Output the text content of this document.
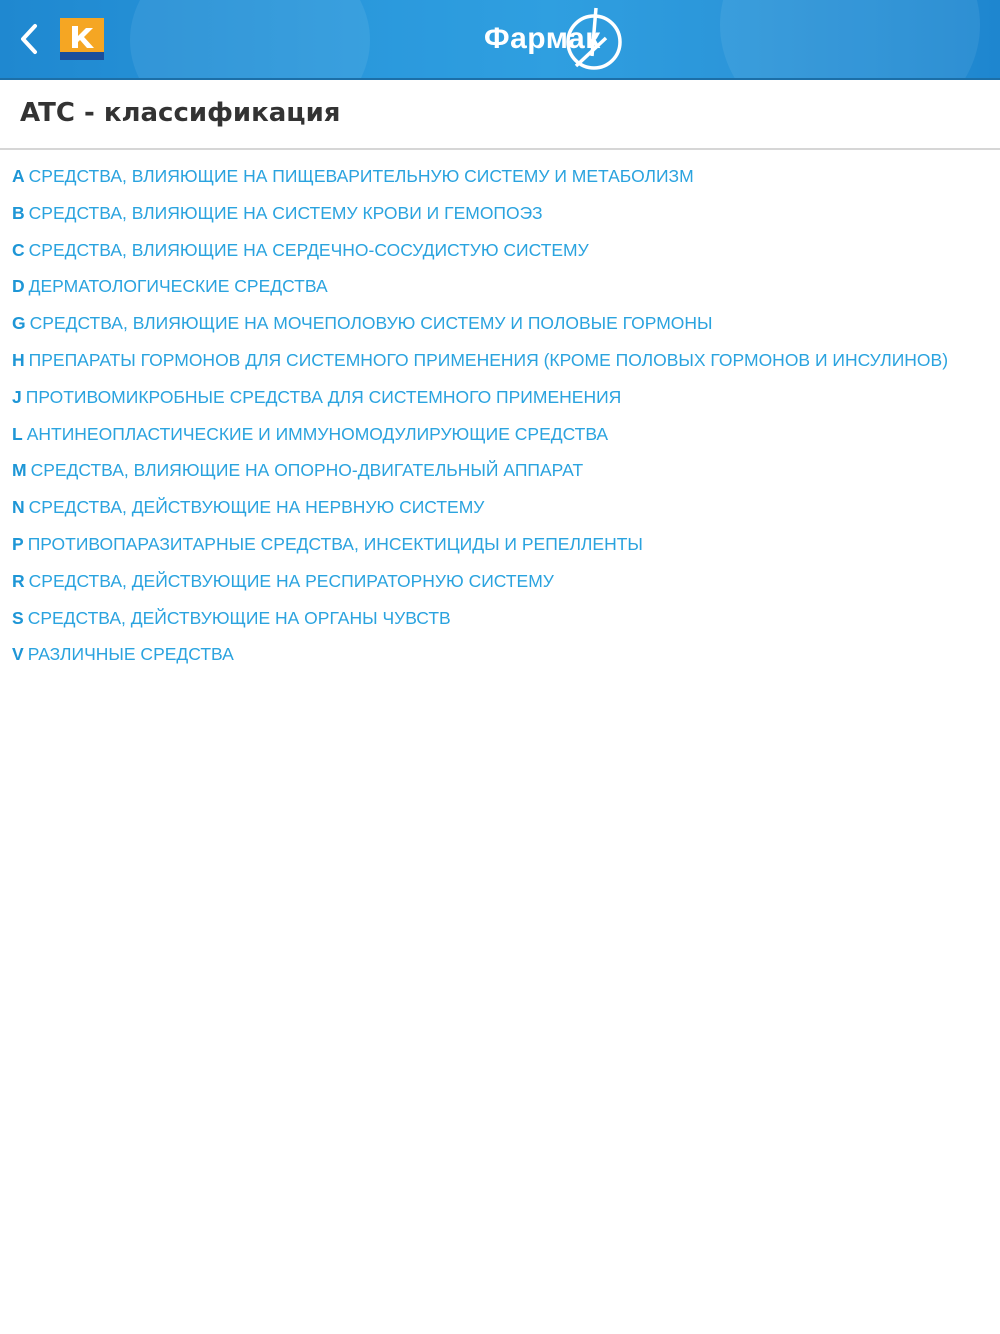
Фармак
ATC - классификация
A СРЕДСТВА, ВЛИЯЮЩИЕ НА ПИЩЕВАРИТЕЛЬНУЮ СИСТЕМУ И МЕТАБОЛИЗМ
B СРЕДСТВА, ВЛИЯЮЩИЕ НА СИСТЕМУ КРОВИ И ГЕМОПОЭЗ
C СРЕДСТВА, ВЛИЯЮЩИЕ НА СЕРДЕЧНО-СОСУДИСТУЮ СИСТЕМУ
D ДЕРМАТОЛОГИЧЕСКИЕ СРЕДСТВА
G СРЕДСТВА, ВЛИЯЮЩИЕ НА МОЧЕПОЛОВУЮ СИСТЕМУ И ПОЛОВЫЕ ГОРМОНЫ
H ПРЕПАРАТЫ ГОРМОНОВ ДЛЯ СИСТЕМНОГО ПРИМЕНЕНИЯ (КРОМЕ ПОЛОВЫХ ГОРМОНОВ И ИНСУЛИНОВ)
J ПРОТИВОМИКРОБНЫЕ СРЕДСТВА ДЛЯ СИСТЕМНОГО ПРИМЕНЕНИЯ
L АНТИНЕОПЛАСТИЧЕСКИЕ И ИММУНОМОДУЛИРУЮЩИЕ СРЕДСТВА
M СРЕДСТВА, ВЛИЯЮЩИЕ НА ОПОРНО-ДВИГАТЕЛЬНЫЙ АППАРАТ
N СРЕДСТВА, ДЕЙСТВУЮЩИЕ НА НЕРВНУЮ СИСТЕМУ
P ПРОТИВОПАРАЗИТАРНЫЕ СРЕДСТВА, ИНСЕКТИЦИДЫ И РЕПЕЛЛЕНТЫ
R СРЕДСТВА, ДЕЙСТВУЮЩИЕ НА РЕСПИРАТОРНУЮ СИСТЕМУ
S СРЕДСТВА, ДЕЙСТВУЮЩИЕ НА ОРГАНЫ ЧУВСТВ
V РАЗЛИЧНЫЕ СРЕДСТВА
